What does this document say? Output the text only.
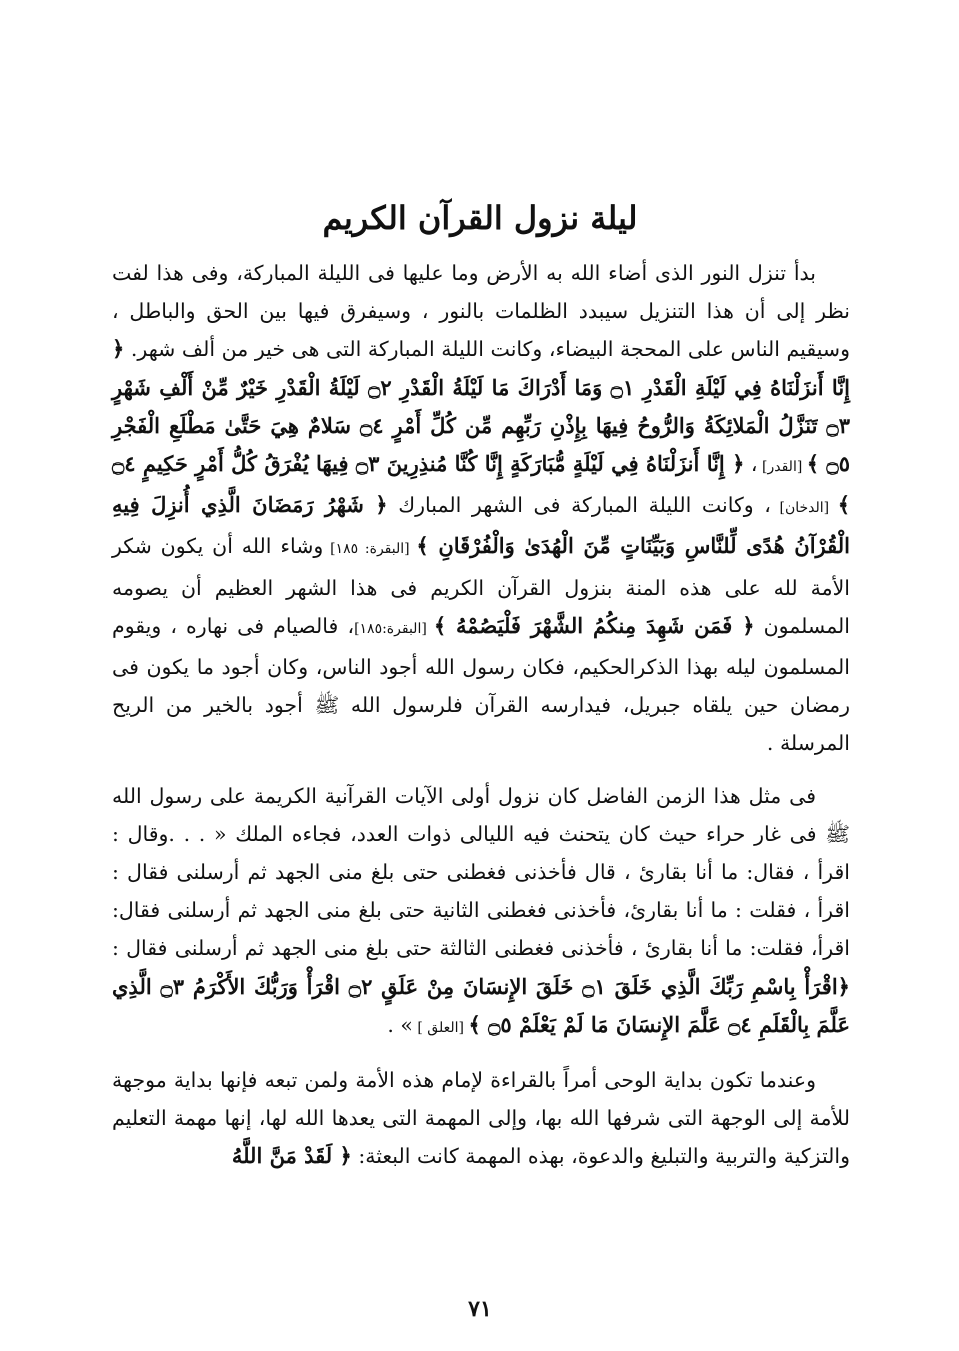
ليلة نزول القرآن الكريم

بدأ تنزل النور الذى أضاء الله به الأرض وما عليها فى الليلة المباركة، وفى هذا لفت نظر إلى أن هذا التنزيل سيبدد الظلمات بالنور ، وسيفرق فيها بين الحق والباطل ، وسيقيم الناس على المحجة البيضاء، وكانت الليلة المباركة التى هى خير من ألف شهر. ﴿ إِنَّا أَنزَلْنَاهُ فِي لَيْلَةِ الْقَدْرِ ۝١ وَمَا أَدْرَاكَ مَا لَيْلَةُ الْقَدْرِ ۝٢ لَيْلَةُ الْقَدْرِ خَيْرٌ مِّنْ أَلْفِ شَهْرٍ ۝٣ تَنَزَّلُ الْمَلائِكَةُ وَالرُّوحُ فِيهَا بِإِذْنِ رَبِّهِم مِّن كُلِّ أَمْرٍ ۝٤ سَلامٌ هِيَ حَتَّىٰ مَطْلَعِ الْفَجْرِ ۝٥ ﴾ [القدر] ، ﴿ إِنَّا أَنزَلْنَاهُ فِي لَيْلَةٍ مُّبَارَكَةٍ إِنَّا كُنَّا مُنذِرِينَ ۝٣ فِيهَا يُفْرَقُ كُلُّ أَمْرٍ حَكِيمٍ ۝٤ ﴾ [الدخان] ، وكانت الليلة المباركة فى الشهر المبارك ﴿ شَهْرُ رَمَضَانَ الَّذِي أُنزِلَ فِيهِ الْقُرْآنُ هُدًى لِّلنَّاسِ وَبَيِّنَاتٍ مِّنَ الْهُدَىٰ وَالْفُرْقَانِ ﴾ [البقرة: ١٨٥] وشاء الله أن يكون شكر الأمة لله على هذه المنة بنزول القرآن الكريم فى هذا الشهر العظيم أن يصومه المسلمون ﴿ فَمَن شَهِدَ مِنكُمُ الشَّهْرَ فَلْيَصُمْهُ ﴾ [البقرة:١٨٥]، فالصيام فى نهاره ، ويقوم المسلمون ليله بهذا الذكرالحكيم، فكان رسول الله أجود الناس، وكان أجود ما يكون فى رمضان حين يلقاه جبريل، فيدارسه القرآن فلرسول الله ﷺ أجود بالخير من الريح المرسلة .

فى مثل هذا الزمن الفاضل كان نزول أولى الآيات القرآنية الكريمة على رسول الله ﷺ فى غار حراء حيث كان يتحنث فيه الليالى ذوات العدد، فجاءه الملك « . . .وقال : اقرأ ، فقال: ما أنا بقارئ ، قال فأخذنى فغطنى حتى بلغ منى الجهد ثم أرسلنى فقال : اقرأ ، فقلت : ما أنا بقارئ، فأخذنى فغطنى الثانية حتى بلغ منى الجهد ثم أرسلنى فقال: اقرأ، فقلت: ما أنا بقارئ ، فأخذنى فغطنى الثالثة حتى بلغ منى الجهد ثم أرسلنى فقال : ﴿اقْرَأْ بِاسْمِ رَبِّكَ الَّذِي خَلَقَ ۝١ خَلَقَ الإِنسَانَ مِنْ عَلَقٍ ۝٢ اقْرَأْ وَرَبُّكَ الأَكْرَمُ ۝٣ الَّذِي عَلَّمَ بِالْقَلَمِ ۝٤ عَلَّمَ الإِنسَانَ مَا لَمْ يَعْلَمْ ۝٥ ﴾ [العلق ] » .

وعندما تكون بداية الوحى أمراً بالقراءة لإمام هذه الأمة ولمن تبعه فإنها بداية موجهة للأمة إلى الوجهة التى شرفها الله بها، وإلى المهمة التى يعدها الله لها، إنها مهمة التعليم والتزكية والتربية والتبليغ والدعوة، بهذه المهمة كانت البعثة: ﴿ لَقَدْ مَنَّ اللَّهُ

٧١
